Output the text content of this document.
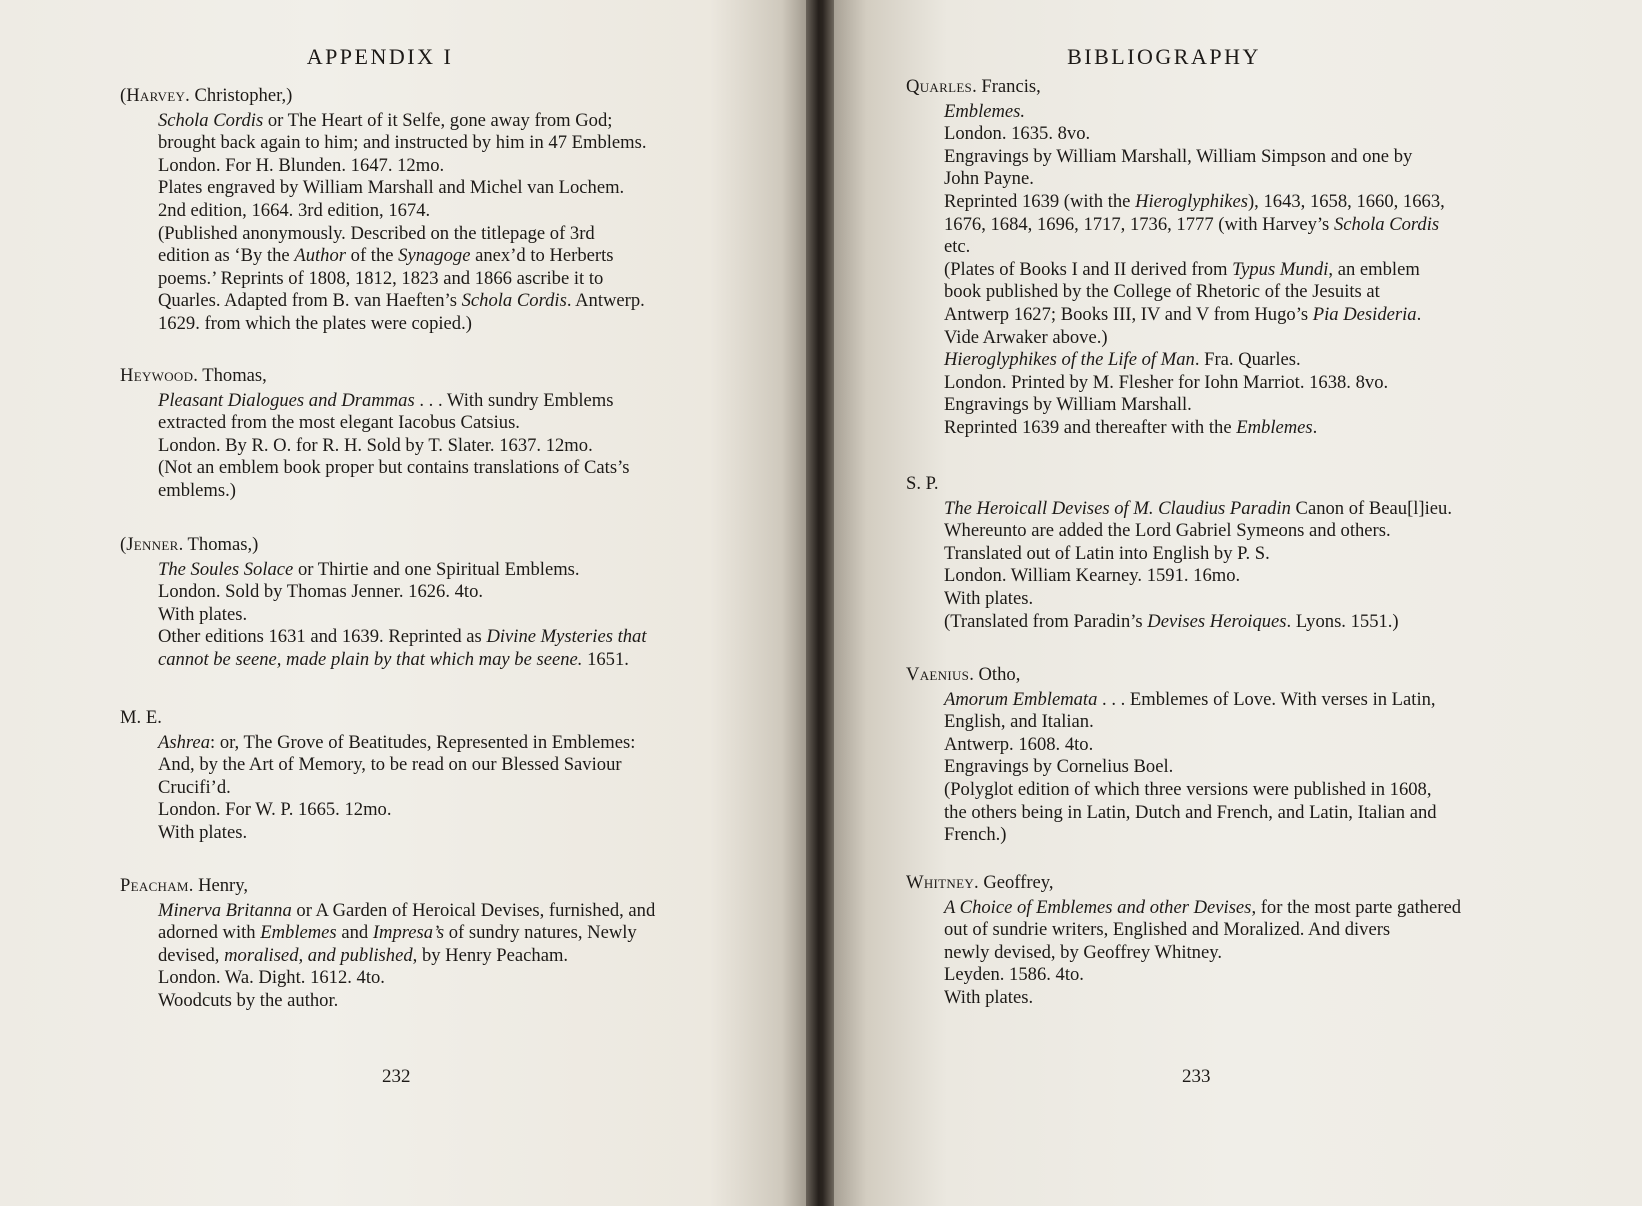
APPENDIX I
(Harvey. Christopher,)
Schola Cordis or The Heart of it Selfe, gone away from God;
brought back again to him; and instructed by him in 47 Emblems.
London. For H. Blunden. 1647. 12mo.
Plates engraved by William Marshall and Michel van Lochem.
2nd edition, 1664. 3rd edition, 1674.
(Published anonymously. Described on the titlepage of 3rd
edition as ‘By the Author of the Synagoge anex’d to Herberts
poems.’ Reprints of 1808, 1812, 1823 and 1866 ascribe it to
Quarles. Adapted from B. van Haeften’s Schola Cordis. Antwerp.
1629. from which the plates were copied.)
Heywood. Thomas,
Pleasant Dialogues and Drammas . . . With sundry Emblems
extracted from the most elegant Iacobus Catsius.
London. By R. O. for R. H. Sold by T. Slater. 1637. 12mo.
(Not an emblem book proper but contains translations of Cats’s
emblems.)
(Jenner. Thomas,)
The Soules Solace or Thirtie and one Spiritual Emblems.
London. Sold by Thomas Jenner. 1626. 4to.
With plates.
Other editions 1631 and 1639. Reprinted as Divine Mysteries that
cannot be seene, made plain by that which may be seene. 1651.
M. E.
Ashrea: or, The Grove of Beatitudes, Represented in Emblemes:
And, by the Art of Memory, to be read on our Blessed Saviour
Crucifi’d.
London. For W. P. 1665. 12mo.
With plates.
Peacham. Henry,
Minerva Britanna or A Garden of Heroical Devises, furnished, and
adorned with Emblemes and Impresa’s of sundry natures, Newly
devised, moralised, and published, by Henry Peacham.
London. Wa. Dight. 1612. 4to.
Woodcuts by the author.
232
BIBLIOGRAPHY
Quarles. Francis,
Emblemes.
London. 1635. 8vo.
Engravings by William Marshall, William Simpson and one by
John Payne.
Reprinted 1639 (with the Hieroglyphikes), 1643, 1658, 1660, 1663,
1676, 1684, 1696, 1717, 1736, 1777 (with Harvey’s Schola Cordis
etc.
(Plates of Books I and II derived from Typus Mundi, an emblem
book published by the College of Rhetoric of the Jesuits at
Antwerp 1627; Books III, IV and V from Hugo’s Pia Desideria.
Vide Arwaker above.)
Hieroglyphikes of the Life of Man. Fra. Quarles.
London. Printed by M. Flesher for Iohn Marriot. 1638. 8vo.
Engravings by William Marshall.
Reprinted 1639 and thereafter with the Emblemes.
S. P.
The Heroicall Devises of M. Claudius Paradin Canon of Beau[l]ieu.
Whereunto are added the Lord Gabriel Symeons and others.
Translated out of Latin into English by P. S.
London. William Kearney. 1591. 16mo.
With plates.
(Translated from Paradin’s Devises Heroiques. Lyons. 1551.)
Vaenius. Otho,
Amorum Emblemata . . . Emblemes of Love. With verses in Latin,
English, and Italian.
Antwerp. 1608. 4to.
Engravings by Cornelius Boel.
(Polyglot edition of which three versions were published in 1608,
the others being in Latin, Dutch and French, and Latin, Italian and
French.)
Whitney. Geoffrey,
A Choice of Emblemes and other Devises, for the most parte gathered
out of sundrie writers, Englished and Moralized. And divers
newly devised, by Geoffrey Whitney.
Leyden. 1586. 4to.
With plates.
233
